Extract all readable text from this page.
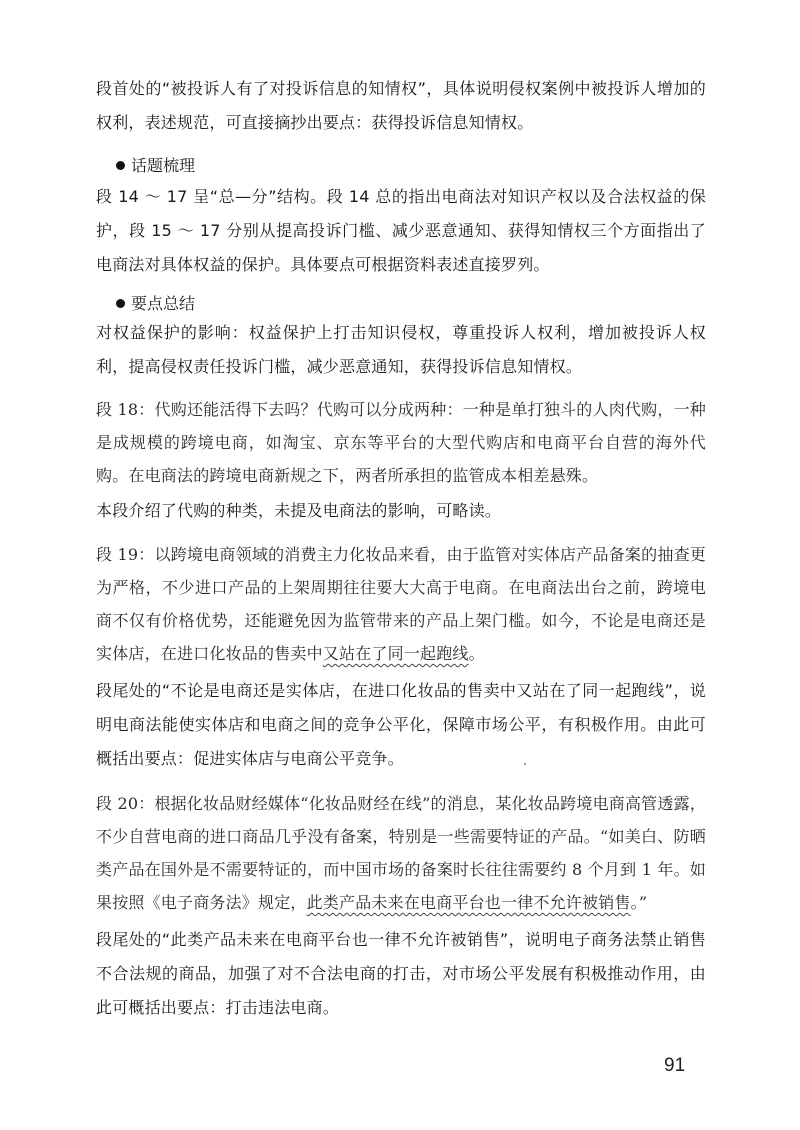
段首处的“被投诉人有了对投诉信息的知情权”，具体说明侵权案例中被投诉人增加的权利，表述规范，可直接摘抄出要点：获得投诉信息知情权。

话题梳理

段 14 ～ 17 呈“总—分”结构。段 14 总的指出电商法对知识产权以及合法权益的保护，段 15 ～ 17 分别从提高投诉门槛、减少恶意通知、获得知情权三个方面指出了电商法对具体权益的保护。具体要点可根据资料表述直接罗列。

要点总结

对权益保护的影响：权益保护上打击知识侵权，尊重投诉人权利，增加被投诉人权利，提高侵权责任投诉门槛，减少恶意通知，获得投诉信息知情权。

段 18：代购还能活得下去吗？代购可以分成两种：一种是单打独斗的人肉代购，一种是成规模的跨境电商，如淘宝、京东等平台的大型代购店和电商平台自营的海外代购。在电商法的跨境电商新规之下，两者所承担的监管成本相差悬殊。

本段介绍了代购的种类，未提及电商法的影响，可略读。

段 19：以跨境电商领域的消费主力化妆品来看，由于监管对实体店产品备案的抽查更为严格，不少进口产品的上架周期往往要大大高于电商。在电商法出台之前，跨境电商不仅有价格优势，还能避免因为监管带来的产品上架门槛。如今，不论是电商还是实体店，在进口化妆品的售卖中又站在了同一起跑线。

段尾处的“不论是电商还是实体店，在进口化妆品的售卖中又站在了同一起跑线”，说明电商法能使实体店和电商之间的竞争公平化，保障市场公平，有积极作用。由此可概括出要点：促进实体店与电商公平竞争。

段 20：根据化妆品财经媒体“化妆品财经在线”的消息，某化妆品跨境电商高管透露，不少自营电商的进口商品几乎没有备案，特别是一些需要特证的产品。“如美白、防晒类产品在国外是不需要特证的，而中国市场的备案时长往往需要约 8 个月到 1 年。如果按照《电子商务法》规定，此类产品未来在电商平台也一律不允许被销售。”

段尾处的“此类产品未来在电商平台也一律不允许被销售”，说明电子商务法禁止销售不合法规的商品，加强了对不合法电商的打击，对市场公平发展有积极推动作用，由此可概括出要点：打击违法电商。

91
